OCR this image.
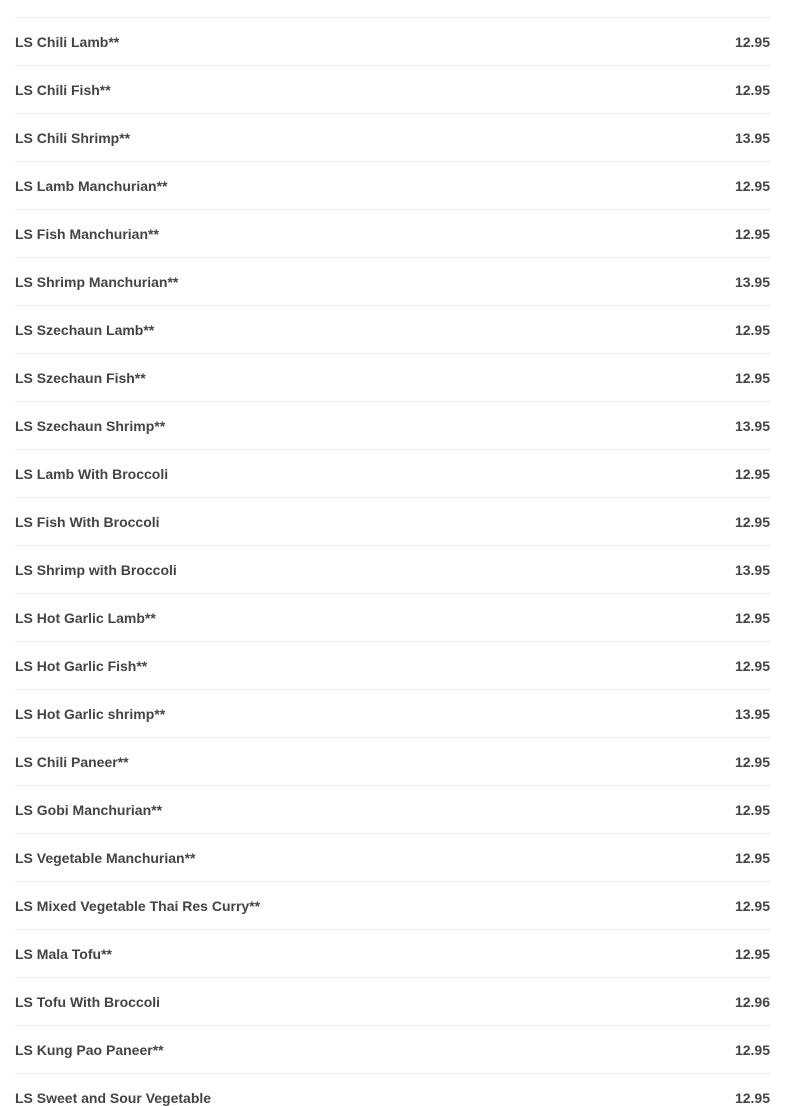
LS Chili Lamb**	12.95
LS Chili Fish**	12.95
LS Chili Shrimp**	13.95
LS Lamb Manchurian**	12.95
LS Fish Manchurian**	12.95
LS Shrimp Manchurian**	13.95
LS Szechaun Lamb**	12.95
LS Szechaun Fish**	12.95
LS Szechaun Shrimp**	13.95
LS Lamb With Broccoli	12.95
LS Fish With Broccoli	12.95
LS Shrimp with Broccoli	13.95
LS Hot Garlic Lamb**	12.95
LS Hot Garlic Fish**	12.95
LS Hot Garlic shrimp**	13.95
LS Chili Paneer**	12.95
LS Gobi Manchurian**	12.95
LS Vegetable Manchurian**	12.95
LS Mixed Vegetable Thai Res Curry**	12.95
LS Mala Tofu**	12.95
LS Tofu With Broccoli	12.96
LS Kung Pao Paneer**	12.95
LS Sweet and Sour Vegetable	12.95
